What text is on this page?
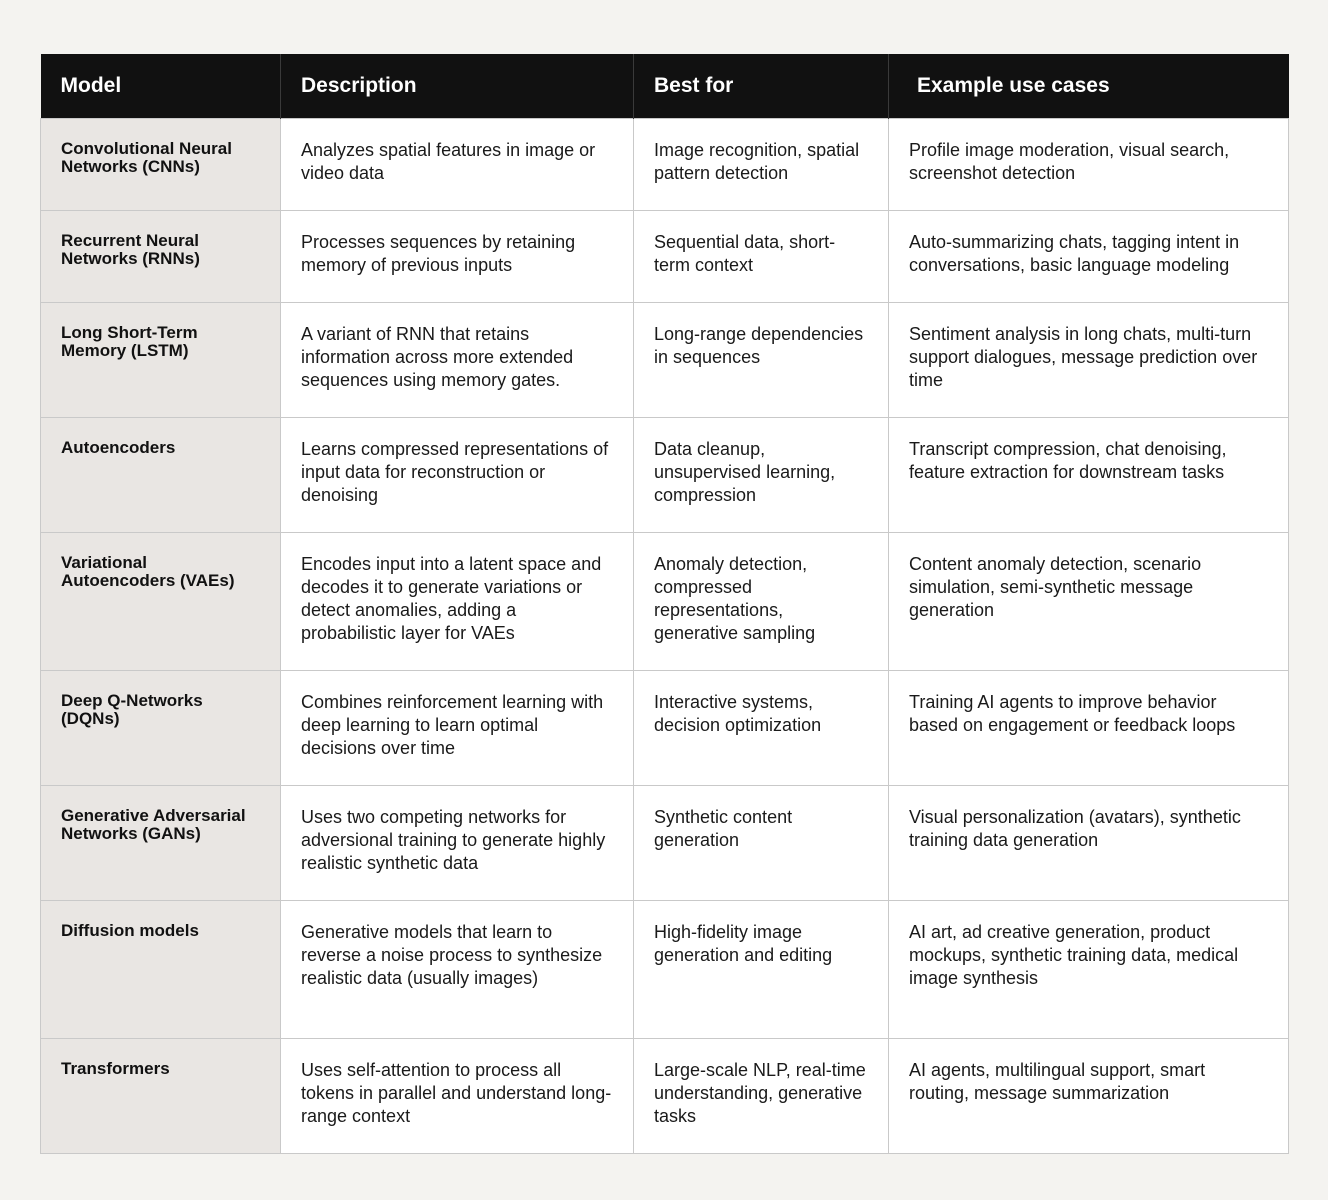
Model	Description	Best for	Example use cases
Convolutional Neural Networks (CNNs)	Analyzes spatial features in image or video data	Image recognition, spatial pattern detection	Profile image moderation, visual search, screenshot detection
Recurrent Neural Networks (RNNs)	Processes sequences by retaining memory of previous inputs	Sequential data, short-term context	Auto-summarizing chats, tagging intent in conversations, basic language modeling
Long Short-Term Memory (LSTM)	A variant of RNN that retains information across more extended sequences using memory gates.	Long-range dependencies in sequences	Sentiment analysis in long chats, multi-turn support dialogues, message prediction over time
Autoencoders	Learns compressed representations of input data for reconstruction or denoising	Data cleanup, unsupervised learning, compression	Transcript compression, chat denoising, feature extraction for downstream tasks
Variational Autoencoders (VAEs)	Encodes input into a latent space and decodes it to generate variations or detect anomalies, adding a probabilistic layer for VAEs	Anomaly detection, compressed representations, generative sampling	Content anomaly detection, scenario simulation, semi-synthetic message generation
Deep Q-Networks (DQNs)	Combines reinforcement learning with deep learning to learn optimal decisions over time	Interactive systems, decision optimization	Training AI agents to improve behavior based on engagement or feedback loops
Generative Adversarial Networks (GANs)	Uses two competing networks for adversional training to generate highly realistic synthetic data	Synthetic content generation	Visual personalization (avatars), synthetic training data generation
Diffusion models	Generative models that learn to reverse a noise process to synthesize realistic data (usually images)	High-fidelity image generation and editing	AI art, ad creative generation, product mockups, synthetic training data, medical image synthesis
Transformers	Uses self-attention to process all tokens in parallel and understand long-range context	Large-scale NLP, real-time understanding, generative tasks	AI agents, multilingual support, smart routing, message summarization
